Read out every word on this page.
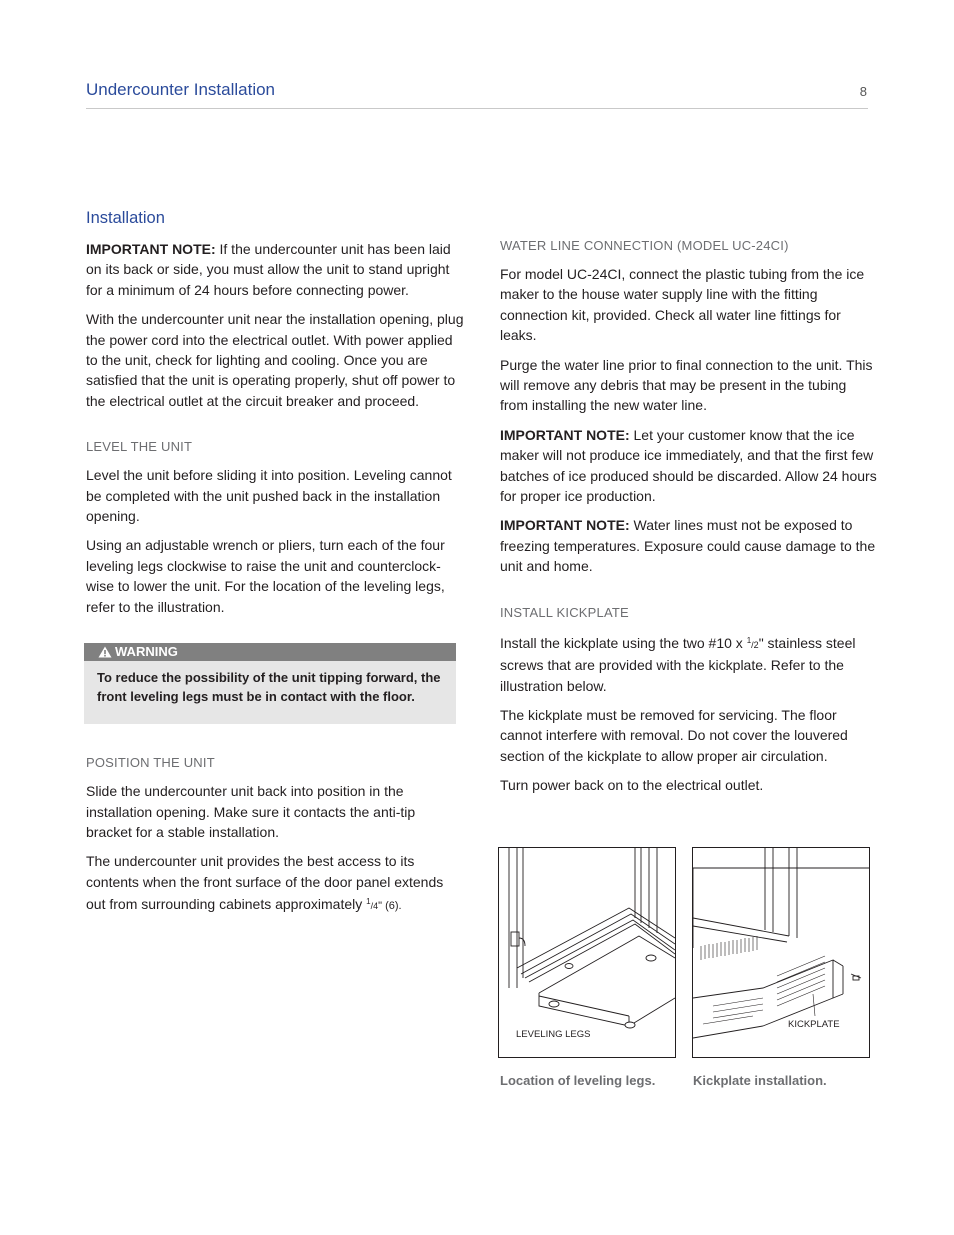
Undercounter Installation	8
Installation

IMPORTANT NOTE: If the undercounter unit has been laid on its back or side, you must allow the unit to stand upright for a minimum of 24 hours before connecting power.

With the undercounter unit near the installation opening, plug the power cord into the electrical outlet. With power applied to the unit, check for lighting and cooling. Once you are satisfied that the unit is operating properly, shut off power to the electrical outlet at the circuit breaker and proceed.

LEVEL THE UNIT

Level the unit before sliding it into position. Leveling cannot be completed with the unit pushed back in the installation opening.

Using an adjustable wrench or pliers, turn each of the four leveling legs clockwise to raise the unit and counterclock-wise to lower the unit. For the location of the leveling legs, refer to the illustration.

WARNING
To reduce the possibility of the unit tipping forward, the front leveling legs must be in contact with the floor.
POSITION THE UNIT

Slide the undercounter unit back into position in the installation opening. Make sure it contacts the anti-tip bracket for a stable installation.

The undercounter unit provides the best access to its contents when the front surface of the door panel extends out from surrounding cabinets approximately $^1$/4" (6).

WATER LINE CONNECTION (MODEL UC-24CI)

For model UC-24CI, connect the plastic tubing from the ice maker to the house water supply line with the fitting connection kit, provided. Check all water line fittings for leaks.

Purge the water line prior to final connection to the unit. This will remove any debris that may be present in the tubing from installing the new water line.

IMPORTANT NOTE: Let your customer know that the ice maker will not produce ice immediately, and that the first few batches of ice produced should be discarded. Allow 24 hours for proper ice production.

IMPORTANT NOTE: Water lines must not be exposed to freezing temperatures. Exposure could cause damage to the unit and home.

INSTALL KICKPLATE

Install the kickplate using the two #10 x $^1$/2" stainless steel screws that are provided with the kickplate. Refer to the illustration below.

The kickplate must be removed for servicing. The floor cannot interfere with removal. Do not cover the louvered section of the kickplate to allow proper air circulation.

Turn power back on to the electrical outlet.

LEVELING LEGS
KICKPLATE
Location of leveling legs.	Kickplate installation.
